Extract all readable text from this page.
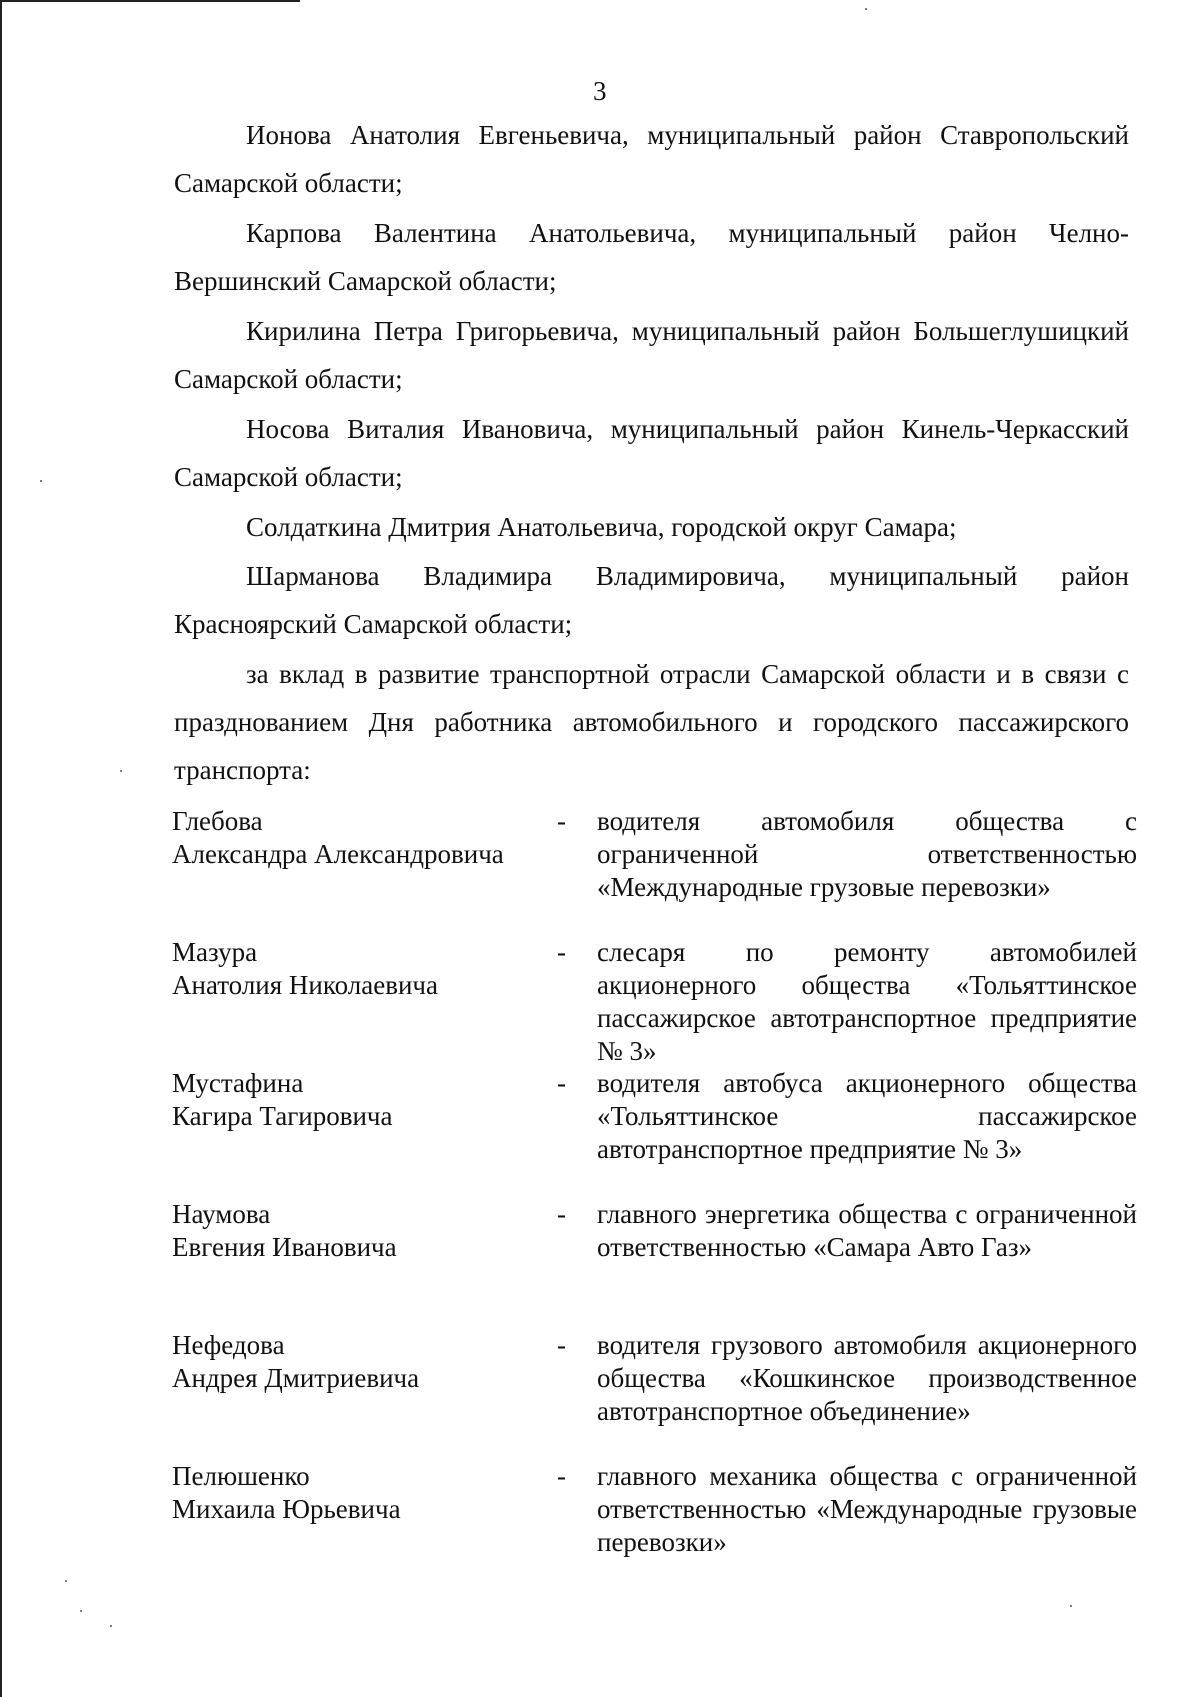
3

Ионова Анатолия Евгеньевича, муниципальный район Ставропольский Самарской области;

Карпова Валентина Анатольевича, муниципальный район Челно-Вершинский Самарской области;

Кирилина Петра Григорьевича, муниципальный район Большеглушицкий Самарской области;

Носова Виталия Ивановича, муниципальный район Кинель-Черкасский Самарской области;

Солдаткина Дмитрия Анатольевича, городской округ Самара;

Шарманова Владимира Владимировича, муниципальный район Красноярский Самарской области;

за вклад в развитие транспортной отрасли Самарской области и в связи с празднованием Дня работника автомобильного и городского пассажирского транспорта:

Глебова
Александра Александровича
-	водителя автомобиля общества с ограниченной ответственностью «Международные грузовые перевозки»
Мазура
Анатолия Николаевича
-	слесаря по ремонту автомобилей акционерного общества «Тольяттинское пассажирское автотранспортное предприятие № 3»
Мустафина
Кагира Тагировича
-	водителя автобуса акционерного общества «Тольяттинское пассажирское автотранспортное предприятие № 3»
Наумова
Евгения Ивановича
-	главного энергетика общества с ограниченной ответственностью «Самара Авто Газ»
Нефедова
Андрея Дмитриевича
-	водителя грузового автомобиля акционерного общества «Кошкинское производственное автотранспортное объединение»
Пелюшенко
Михаила Юрьевича
-	главного механика общества с ограниченной ответственностью «Международные грузовые перевозки»
